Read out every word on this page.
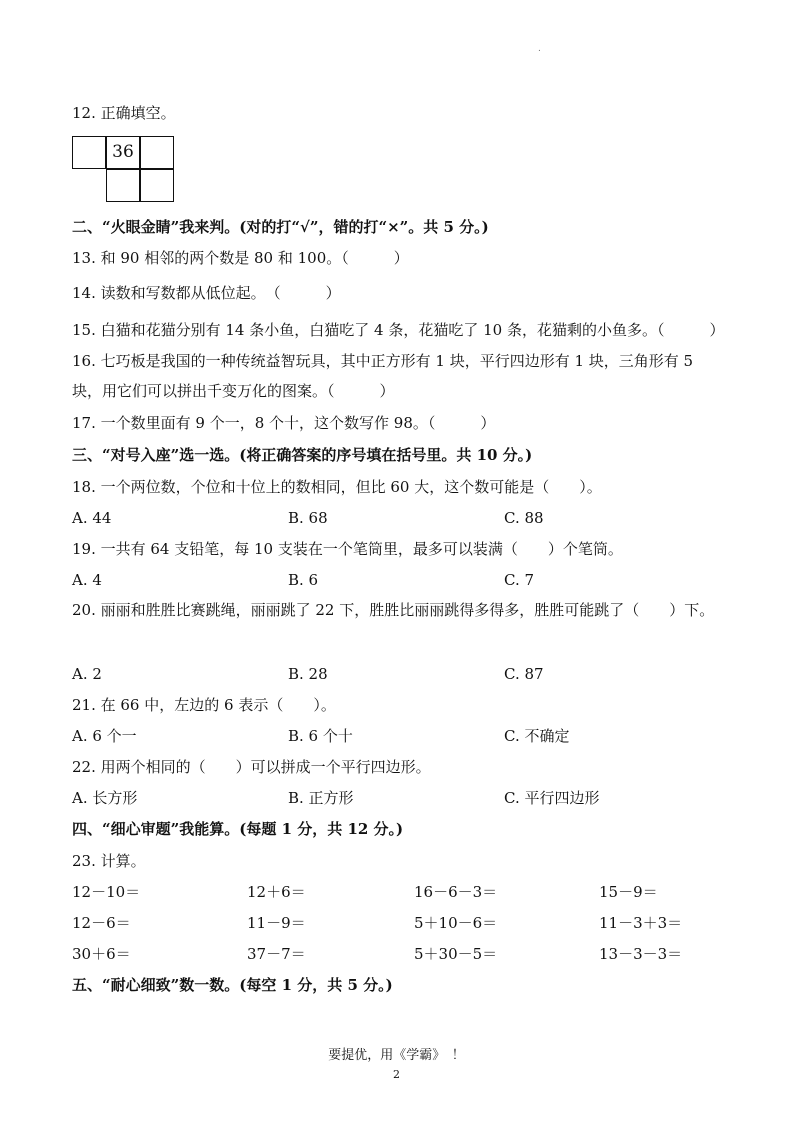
.
12. 正确填空。
36
二、“火眼金睛”我来判。(对的打“√”，错的打“×”。共 5 分。)
13. 和 90 相邻的两个数是 80 和 100。（　　　）
14. 读数和写数都从低位起。　（　　　）
15. 白猫和花猫分别有 14 条小鱼，白猫吃了 4 条，花猫吃了 10 条，花猫剩的小鱼多。（　　　）
16. 七巧板是我国的一种传统益智玩具，其中正方形有 1 块，平行四边形有 1 块，三角形有 5 块，用它们可以拼出千变万化的图案。（　　　）
17. 一个数里面有 9 个一，8 个十，这个数写作 98。（　　　）
三、“对号入座”选一选。(将正确答案的序号填在括号里。共 10 分。)
18. 一个两位数，个位和十位上的数相同，但比 60 大，这个数可能是（　　）。
A. 44	B. 68	C. 88
19. 一共有 64 支铅笔，每 10 支装在一个笔筒里，最多可以装满（　　）个笔筒。
A. 4	B. 6	C. 7
20. 丽丽和胜胜比赛跳绳，丽丽跳了 22 下，胜胜比丽丽跳得多得多，胜胜可能跳了（　　）下。
A. 2	B. 28	C. 87
21. 在 66 中，左边的 6 表示（　　）。
A. 6 个一	B. 6 个十	C. 不确定
22. 用两个相同的（　　）可以拼成一个平行四边形。
A. 长方形	B. 正方形	C. 平行四边形
四、“细心审题”我能算。(每题 1 分，共 12 分。)
23. 计算。
12－10＝	12＋6＝	16－6－3＝	15－9＝
12－6＝	11－9＝	5＋10－6＝	11－3＋3＝
30＋6＝	37－7＝	5＋30－5＝	13－3－3＝
五、“耐心细致”数一数。(每空 1 分，共 5 分。)
要提优，用《学霸》　！
2
